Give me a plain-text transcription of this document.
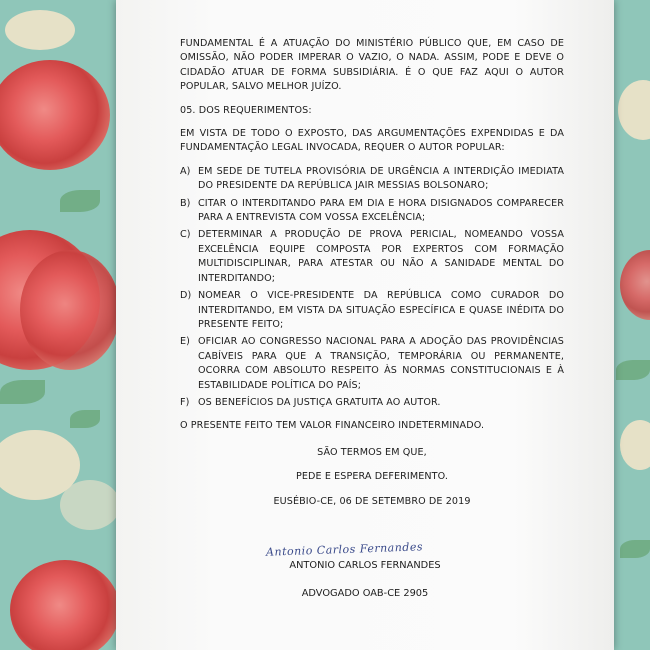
FUNDAMENTAL É A ATUAÇÃO DO MINISTÉRIO PÚBLICO QUE, EM CASO DE OMISSÃO, NÃO PODER IMPERAR O VAZIO, O NADA. ASSIM, PODE E DEVE O CIDADÃO ATUAR DE FORMA SUBSIDIÁRIA. É O QUE FAZ AQUI O AUTOR POPULAR, SALVO MELHOR JUÍZO.

05. DOS REQUERIMENTOS:

EM VISTA DE TODO O EXPOSTO, DAS ARGUMENTAÇÕES EXPENDIDAS E DA FUNDAMENTAÇÃO LEGAL INVOCADA, REQUER O AUTOR POPULAR:

A) EM SEDE DE TUTELA PROVISÓRIA DE URGÊNCIA A INTERDIÇÃO IMEDIATA DO PRESIDENTE DA REPÚBLICA JAIR MESSIAS BOLSONARO;
B) CITAR O INTERDITANDO PARA EM DIA E HORA DISIGNADOS COMPARECER PARA A ENTREVISTA COM VOSSA EXCELÊNCIA;
C) DETERMINAR A PRODUÇÃO DE PROVA PERICIAL, NOMEANDO VOSSA EXCELÊNCIA EQUIPE COMPOSTA POR EXPERTOS COM FORMAÇÃO MULTIDISCIPLINAR, PARA ATESTAR OU NÃO A SANIDADE MENTAL DO INTERDITANDO;
D) NOMEAR O VICE-PRESIDENTE DA REPÚBLICA COMO CURADOR DO INTERDITANDO, EM VISTA DA SITUAÇÃO ESPECÍFICA E QUASE INÉDITA DO PRESENTE FEITO;
E) OFICIAR AO CONGRESSO NACIONAL PARA A ADOÇÃO DAS PROVIDÊNCIAS CABÍVEIS PARA QUE A TRANSIÇÃO, TEMPORÁRIA OU PERMANENTE, OCORRA COM ABSOLUTO RESPEITO ÀS NORMAS CONSTITUCIONAIS E À ESTABILIDADE POLÍTICA DO PAÍS;
F) OS BENEFÍCIOS DA JUSTIÇA GRATUITA AO AUTOR.

O PRESENTE FEITO TEM VALOR FINANCEIRO INDETERMINADO.

SÃO TERMOS EM QUE,

PEDE E ESPERA DEFERIMENTO.

EUSÉBIO-CE, 06 DE SETEMBRO DE 2019

Antonio Carlos Fernandes
ANTONIO CARLOS FERNANDES
ADVOGADO OAB-CE 2905
